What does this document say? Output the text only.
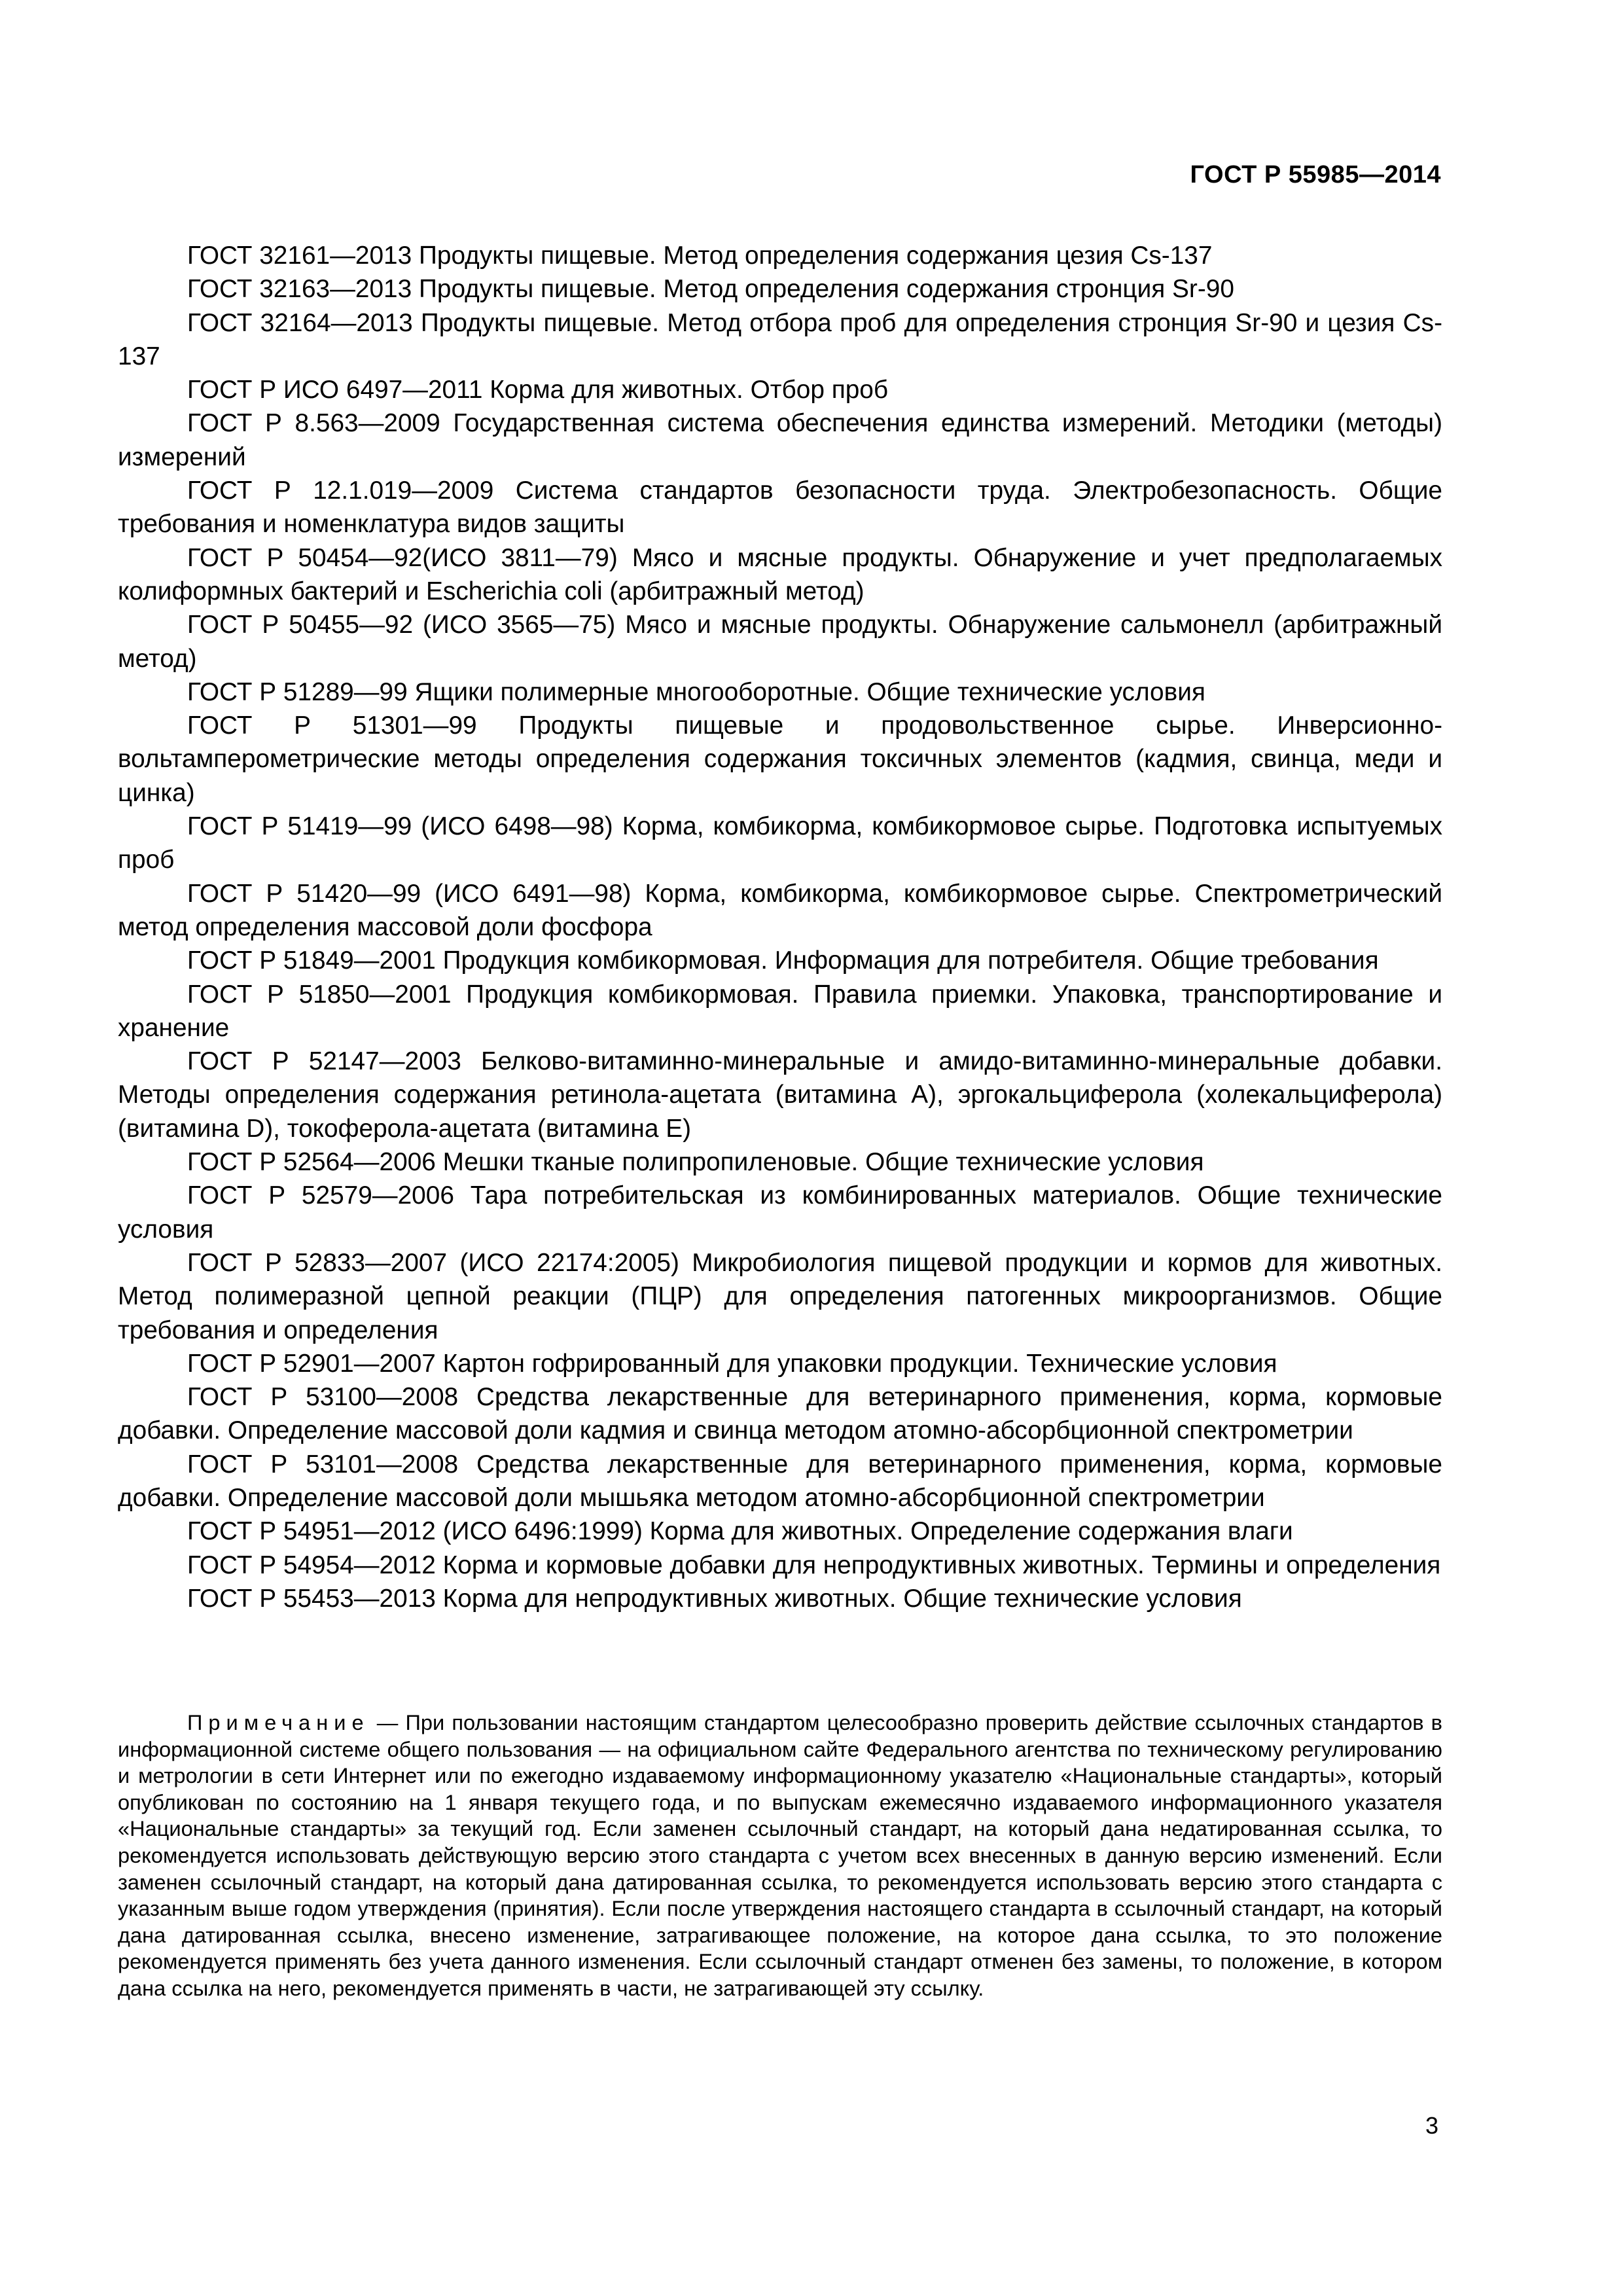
ГОСТ Р 55985—2014

ГОСТ 32161—2013 Продукты пищевые. Метод определения содержания цезия Cs-137

ГОСТ 32163—2013 Продукты пищевые. Метод определения содержания стронция Sr-90

ГОСТ 32164—2013 Продукты пищевые. Метод отбора проб для определения стронция Sr-90 и цезия Cs-137

ГОСТ Р ИСО 6497—2011 Корма для животных. Отбор проб

ГОСТ Р 8.563—2009 Государственная система обеспечения единства измерений. Методики (методы) измерений

ГОСТ Р 12.1.019—2009 Система стандартов безопасности труда. Электробезопасность. Общие требования и номенклатура видов защиты

ГОСТ Р 50454—92(ИСО 3811—79) Мясо и мясные продукты. Обнаружение и учет предполагаемых колиформных бактерий и Escherichia coli (арбитражный метод)

ГОСТ Р 50455—92 (ИСО 3565—75) Мясо и мясные продукты. Обнаружение сальмонелл (арбитражный метод)

ГОСТ Р 51289—99 Ящики полимерные многооборотные. Общие технические условия

ГОСТ Р 51301—99 Продукты пищевые и продовольственное сырье. Инверсионно-вольтамперометрические методы определения содержания токсичных элементов (кадмия, свинца, меди и цинка)

ГОСТ Р 51419—99 (ИСО 6498—98) Корма, комбикорма, комбикормовое сырье. Подготовка испытуемых проб

ГОСТ Р 51420—99 (ИСО 6491—98) Корма, комбикорма, комбикормовое сырье. Спектрометрический метод определения массовой доли фосфора

ГОСТ Р 51849—2001 Продукция комбикормовая. Информация для потребителя. Общие требования

ГОСТ Р 51850—2001 Продукция комбикормовая. Правила приемки. Упаковка, транспортирование и хранение

ГОСТ Р 52147—2003 Белково-витаминно-минеральные и амидо-витаминно-минеральные добавки. Методы определения содержания ретинола-ацетата (витамина А), эргокальциферола (холекальциферола) (витамина D), токоферола-ацетата (витамина Е)

ГОСТ Р 52564—2006 Мешки тканые полипропиленовые. Общие технические условия

ГОСТ Р 52579—2006 Тара потребительская из комбинированных материалов. Общие технические условия

ГОСТ Р 52833—2007 (ИСО 22174:2005) Микробиология пищевой продукции и кормов для животных. Метод полимеразной цепной реакции (ПЦР) для определения патогенных микроорганизмов. Общие требования и определения

ГОСТ Р 52901—2007 Картон гофрированный для упаковки продукции. Технические условия

ГОСТ Р 53100—2008 Средства лекарственные для ветеринарного применения, корма, кормовые добавки. Определение массовой доли кадмия и свинца методом атомно-абсорбционной спектрометрии

ГОСТ Р 53101—2008 Средства лекарственные для ветеринарного применения, корма, кормовые добавки. Определение массовой доли мышьяка методом атомно-абсорбционной спектрометрии

ГОСТ Р 54951—2012 (ИСО 6496:1999) Корма для животных. Определение содержания влаги

ГОСТ Р 54954—2012 Корма и кормовые добавки для непродуктивных животных. Термины и определения

ГОСТ Р 55453—2013 Корма для непродуктивных животных. Общие технические условия

Примечание — При пользовании настоящим стандартом целесообразно проверить действие ссылочных стандартов в информационной системе общего пользования — на официальном сайте Федерального агентства по техническому регулированию и метрологии в сети Интернет или по ежегодно издаваемому информационному указателю «Национальные стандарты», который опубликован по состоянию на 1 января текущего года, и по выпускам ежемесячно издаваемого информационного указателя «Национальные стандарты» за текущий год. Если заменен ссылочный стандарт, на который дана недатированная ссылка, то рекомендуется использовать действующую версию этого стандарта с учетом всех внесенных в данную версию изменений. Если заменен ссылочный стандарт, на который дана датированная ссылка, то рекомендуется использовать версию этого стандарта с указанным выше годом утверждения (принятия). Если после утверждения настоящего стандарта в ссылочный стандарт, на который дана датированная ссылка, внесено изменение, затрагивающее положение, на которое дана ссылка, то это положение рекомендуется применять без учета данного изменения. Если ссылочный стандарт отменен без замены, то положение, в котором дана ссылка на него, рекомендуется применять в части, не затрагивающей эту ссылку.

3
